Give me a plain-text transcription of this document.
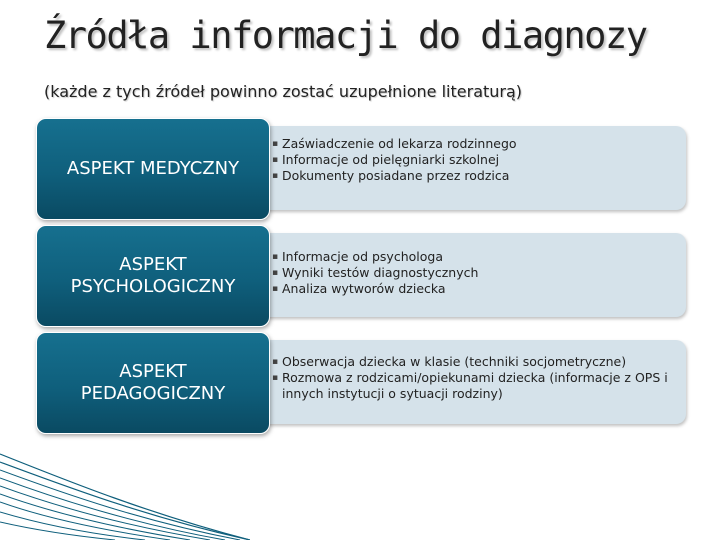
Źródła informacji do diagnozy
(każde z tych źródeł powinno zostać uzupełnione literaturą)
▪ Zaświadczenie od lekarza rodzinnego
▪ Informacje od pielęgniarki szkolnej
▪ Dokumenty posiadane przez rodzica
ASPEKT MEDYCZNY
▪ Informacje od psychologa
▪ Wyniki testów diagnostycznych
▪ Analiza wytworów dziecka
ASPEKT
PSYCHOLOGICZNY
▪ Obserwacja dziecka w klasie (techniki socjometryczne)
▪ Rozmowa z rodzicami/opiekunami dziecka (informacje z OPS i innych instytucji o sytuacji rodziny)
ASPEKT
PEDAGOGICZNY
